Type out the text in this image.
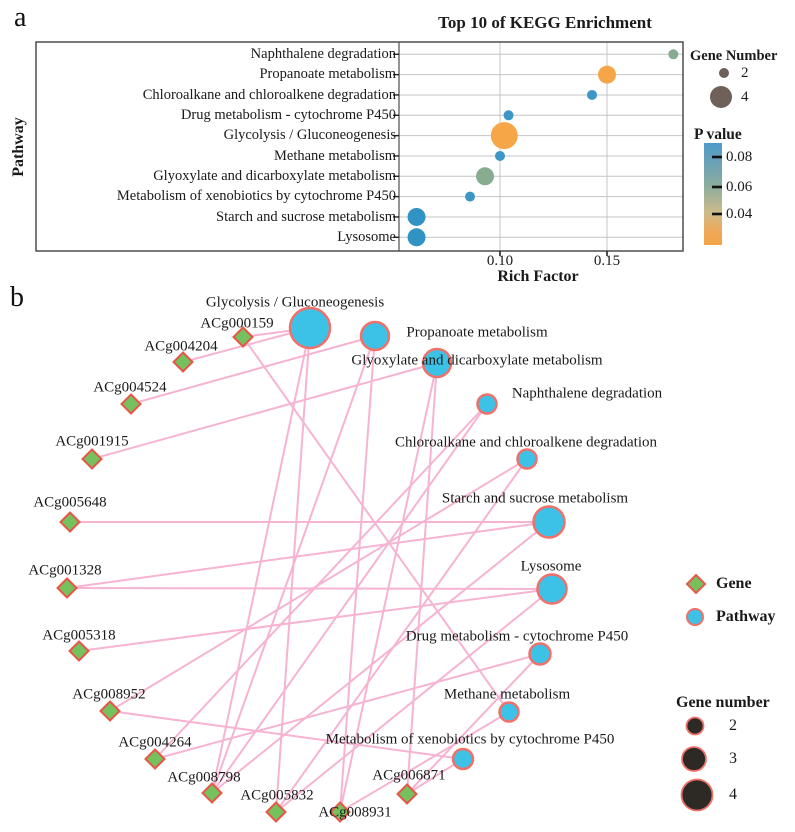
a
b
Top 10 of KEGG Enrichment
Pathway
Rich Factor
Naphthalene degradation
Propanoate metabolism
Chloroalkane and chloroalkene degradation
Drug metabolism - cytochrome P450
Glycolysis / Gluconeogenesis
Methane metabolism
Glyoxylate and dicarboxylate metabolism
Metabolism of xenobiotics by cytochrome P450
Starch and sucrose metabolism
Lysosome
0.10	0.15
Gene Number
2
4
P value
0.08
0.06
0.04
Gene
Pathway
Gene number
2
3
4
ACg000159
ACg004204
ACg004524
ACg001915
ACg005648
ACg001328
ACg005318
ACg008952
ACg004264
ACg008798
ACg005832
ACg008931
ACg006871
Glycolysis / Gluconeogenesis
Propanoate metabolism
Glyoxylate and dicarboxylate metabolism
Naphthalene degradation
Chloroalkane and chloroalkene degradation
Starch and sucrose metabolism
Lysosome
Drug metabolism - cytochrome P450
Methane metabolism
Metabolism of xenobiotics by cytochrome P450
